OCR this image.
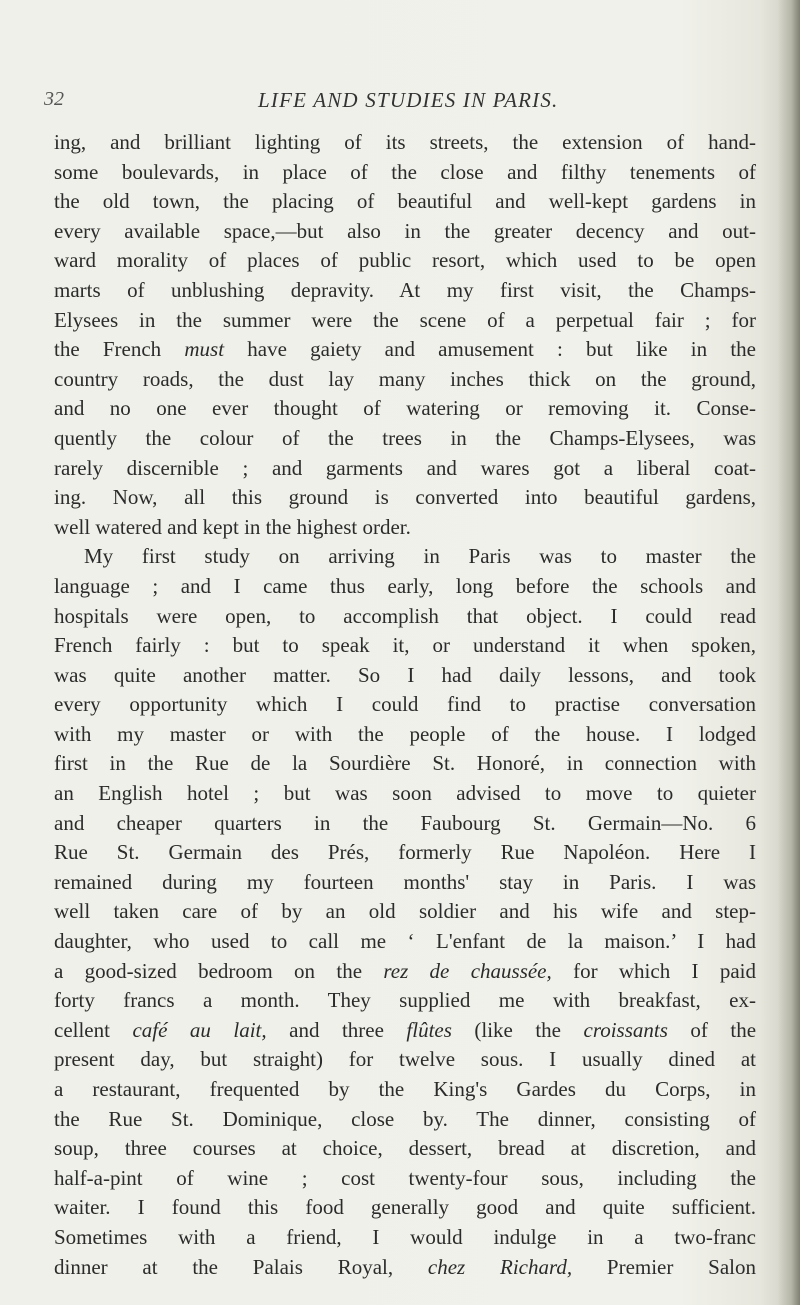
32	LIFE AND STUDIES IN PARIS.
ing, and brilliant lighting of its streets, the extension of hand-
some boulevards, in place of the close and filthy tenements of
the old town, the placing of beautiful and well-kept gardens in
every available space,—but also in the greater decency and out-
ward morality of places of public resort, which used to be open
marts of unblushing depravity. At my first visit, the Champs-
Elysees in the summer were the scene of a perpetual fair ; for
the French must have gaiety and amusement : but like in the
country roads, the dust lay many inches thick on the ground,
and no one ever thought of watering or removing it. Conse-
quently the colour of the trees in the Champs-Elysees, was
rarely discernible ; and garments and wares got a liberal coat-
ing. Now, all this ground is converted into beautiful gardens,
well watered and kept in the highest order.
My first study on arriving in Paris was to master the
language ; and I came thus early, long before the schools and
hospitals were open, to accomplish that object. I could read
French fairly : but to speak it, or understand it when spoken,
was quite another matter. So I had daily lessons, and took
every opportunity which I could find to practise conversation
with my master or with the people of the house. I lodged
first in the Rue de la Sourdière St. Honoré, in connection with
an English hotel ; but was soon advised to move to quieter
and cheaper quarters in the Faubourg St. Germain—No. 6
Rue St. Germain des Prés, formerly Rue Napoléon. Here I
remained during my fourteen months' stay in Paris. I was
well taken care of by an old soldier and his wife and step-
daughter, who used to call me ‘ L'enfant de la maison.’ I had
a good-sized bedroom on the rez de chaussée, for which I paid
forty francs a month. They supplied me with breakfast, ex-
cellent café au lait, and three flûtes (like the croissants of the
present day, but straight) for twelve sous. I usually dined at
a restaurant, frequented by the King's Gardes du Corps, in
the Rue St. Dominique, close by. The dinner, consisting of
soup, three courses at choice, dessert, bread at discretion, and
half-a-pint of wine ; cost twenty-four sous, including the
waiter. I found this food generally good and quite sufficient.
Sometimes with a friend, I would indulge in a two-franc
dinner at the Palais Royal, chez Richard, Premier Salon
